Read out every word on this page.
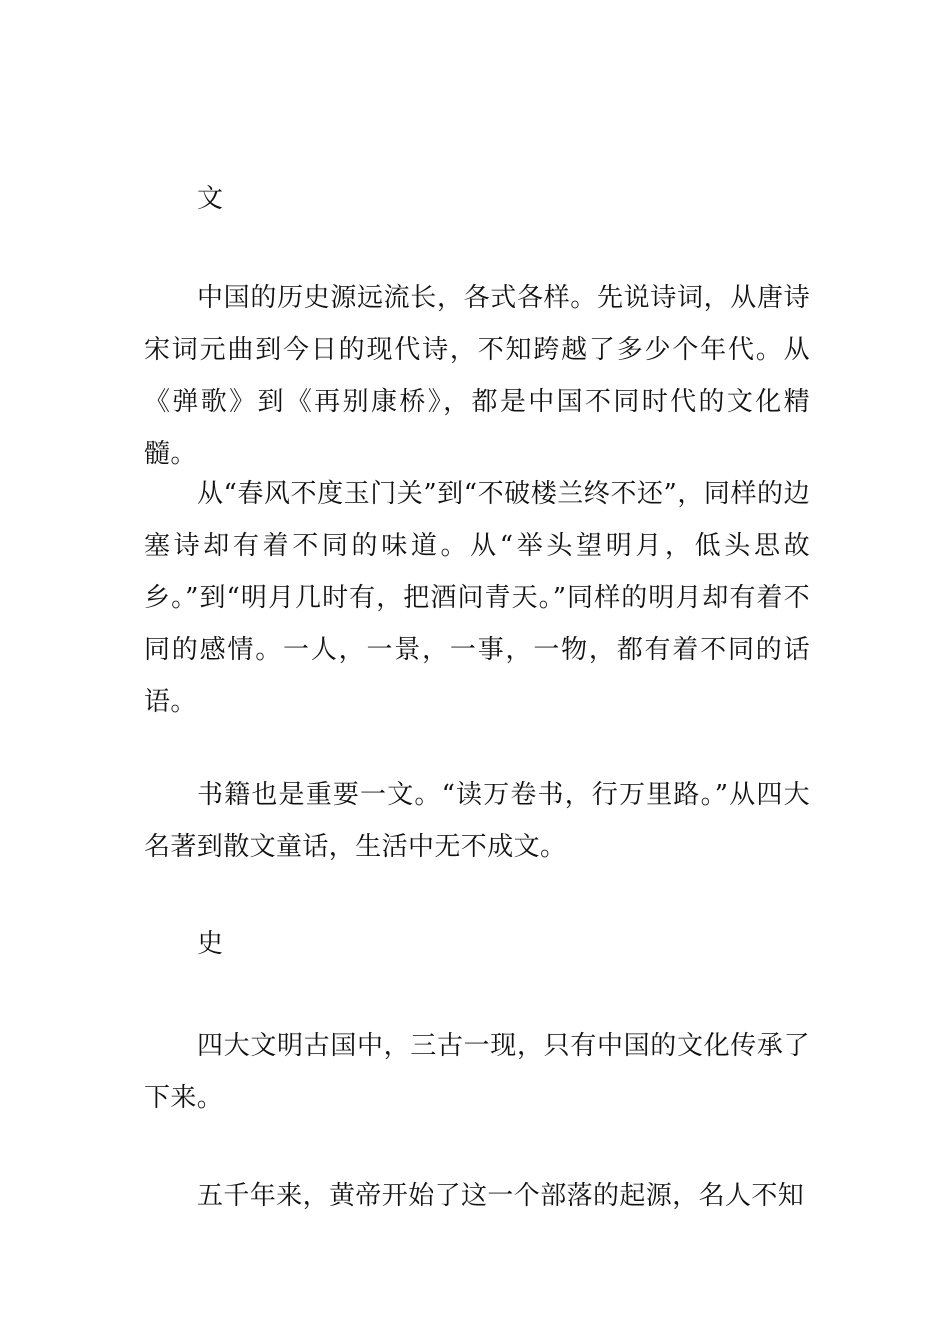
文

中国的历史源远流长，各式各样。先说诗词，从唐诗宋词元曲到今日的现代诗，不知跨越了多少个年代。从《弹歌》到《再别康桥》，都是中国不同时代的文化精髓。

从“春风不度玉门关”到“不破楼兰终不还”，同样的边塞诗却有着不同的味道。从“举头望明月，低头思故乡。”到“明月几时有，把酒问青天。”同样的明月却有着不同的感情。一人，一景，一事，一物，都有着不同的话语。

书籍也是重要一文。“读万卷书，行万里路。”从四大名著到散文童话，生活中无不成文。

史

四大文明古国中，三古一现，只有中国的文化传承了下来。

五千年来，黄帝开始了这一个部落的起源，名人不知
